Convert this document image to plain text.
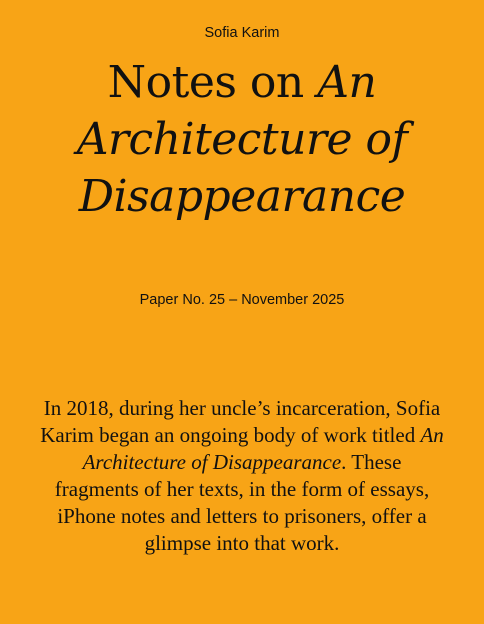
Sofia Karim
Notes on An
Architecture of
Disappearance
Paper No. 25 – November 2025

In 2018, during her uncle’s incarceration, Sofia Karim began an ongoing body of work titled An Architecture of Disappearance. These fragments of her texts, in the form of essays, iPhone notes and letters to prisoners, offer a glimpse into that work.
